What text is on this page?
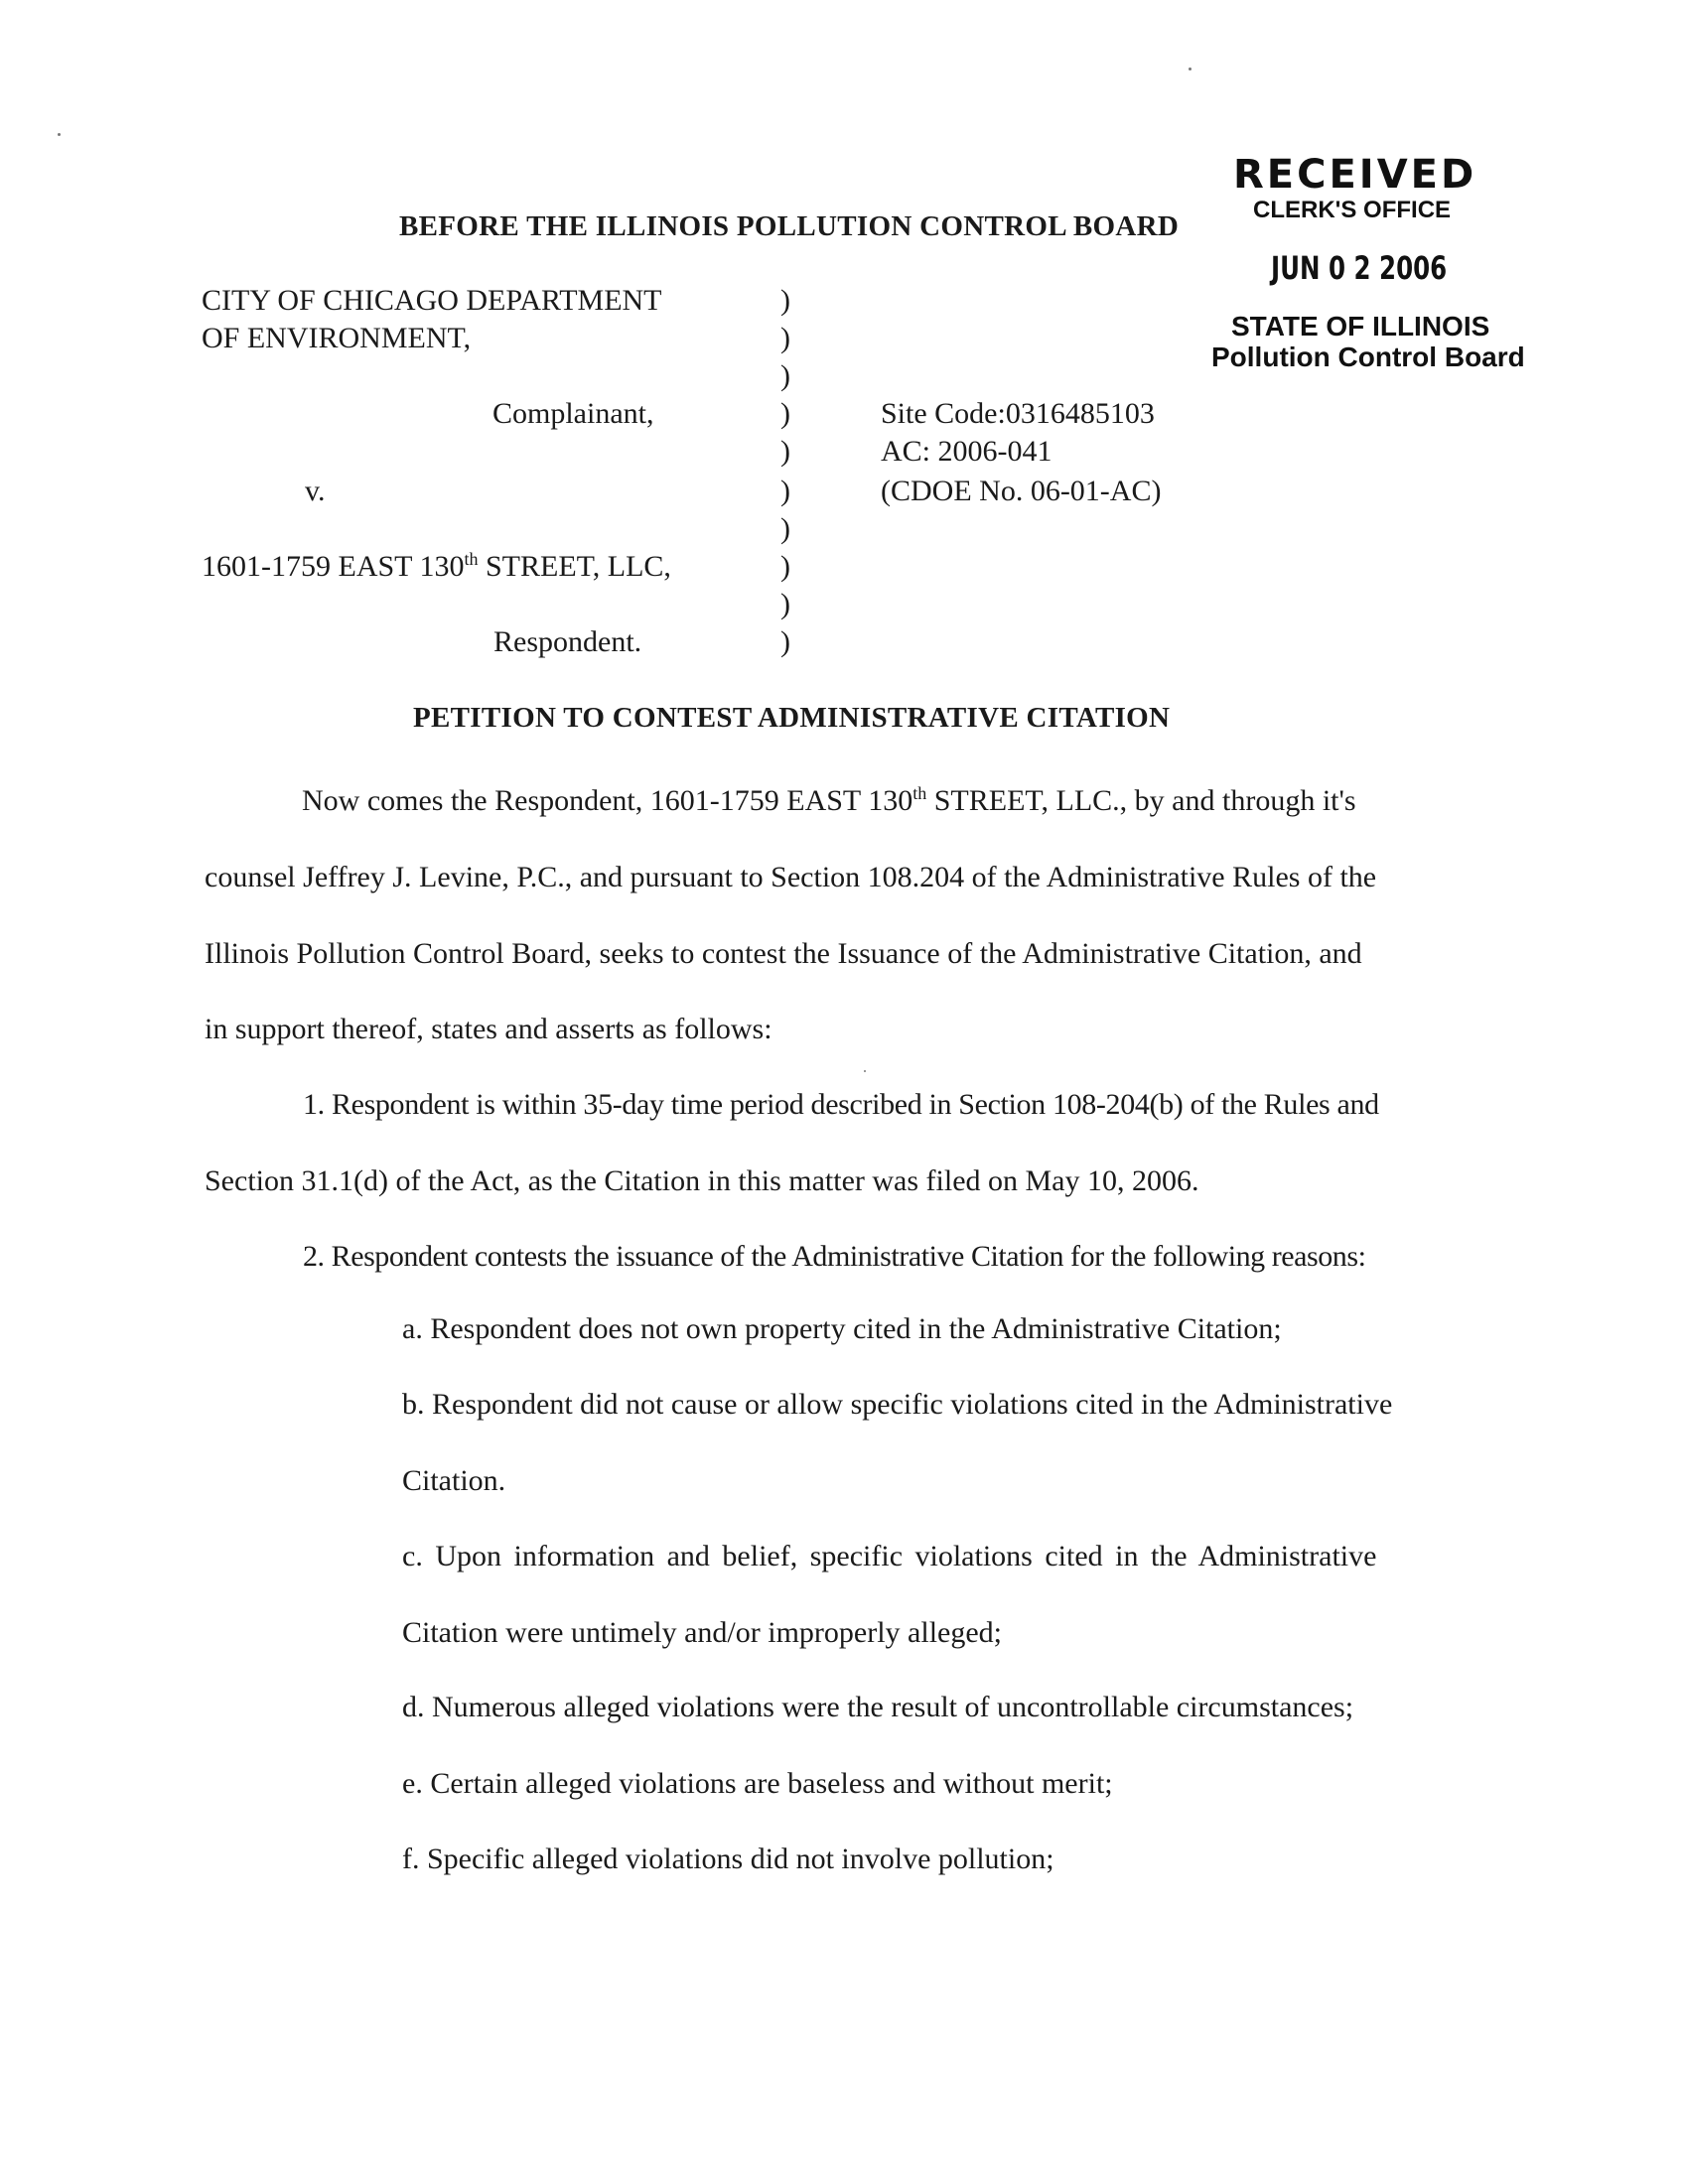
RECEIVED
CLERK'S OFFICE
JUN 0 2 2006
STATE OF ILLINOIS
Pollution Control Board
BEFORE THE ILLINOIS POLLUTION CONTROL BOARD
CITY OF CHICAGO DEPARTMENT
OF ENVIRONMENT,
Complainant,
v.
1601-1759 EAST 130th STREET, LLC,
Respondent.
)
)
)
)
)
)
)
)
)
)
Site Code:0316485103
AC: 2006-041
(CDOE No. 06-01-AC)
PETITION TO CONTEST ADMINISTRATIVE CITATION
Now comes the Respondent, 1601-1759 EAST 130th STREET, LLC., by and through it's
counsel Jeffrey J. Levine, P.C., and pursuant to Section 108.204 of the Administrative Rules of the
Illinois Pollution Control Board, seeks to contest the Issuance of the Administrative Citation, and
in support thereof, states and asserts as follows:
1. Respondent is within 35-day time period described in Section 108-204(b) of the Rules and
Section 31.1(d) of the Act, as the Citation in this matter was filed on May 10, 2006.
2. Respondent contests the issuance of the Administrative Citation for the following reasons:
a. Respondent does not own property cited in the Administrative Citation;
b. Respondent did not cause or allow specific violations cited in the Administrative
Citation.
c. Upon information and belief, specific violations cited in the Administrative
Citation were untimely and/or improperly alleged;
d. Numerous alleged violations were the result of uncontrollable circumstances;
e. Certain alleged violations are baseless and without merit;
f. Specific alleged violations did not involve pollution;
